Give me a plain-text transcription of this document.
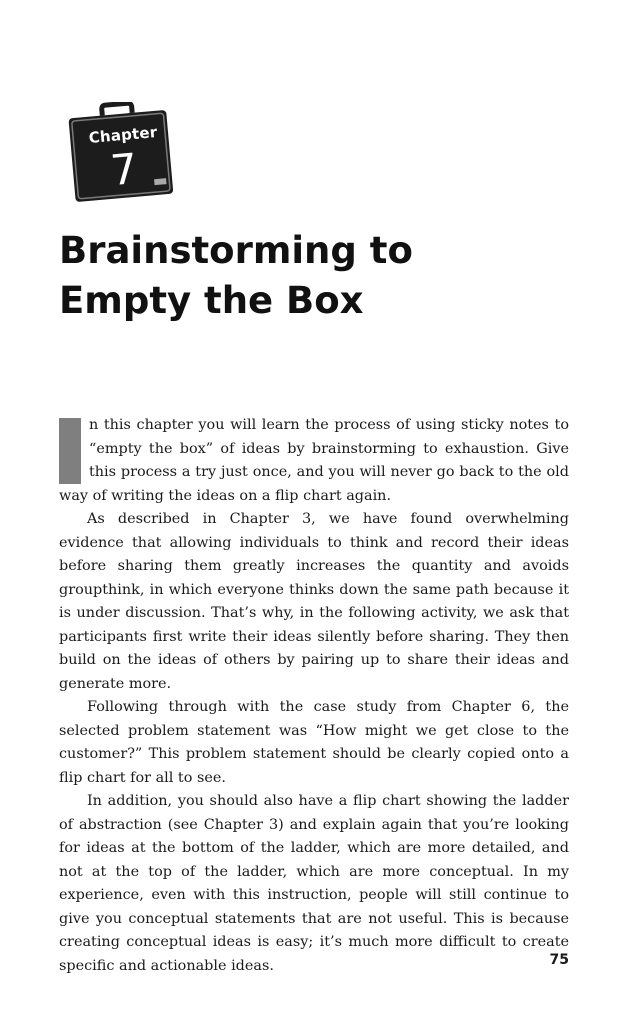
Chapter
7
Brainstorming to
Empty the Box

n this chapter you will learn the process of using sticky notes to “empty the box” of ideas by brainstorming to exhaustion. Give this process a try just once, and you will never go back to the old way of writing the ideas on a flip chart again.

As described in Chapter 3, we have found overwhelming evidence that allowing individuals to think and record their ideas before sharing them greatly increases the quantity and avoids groupthink, in which everyone thinks down the same path because it is under discussion. That’s why, in the following activity, we ask that participants first write their ideas silently before sharing. They then build on the ideas of others by pairing up to share their ideas and generate more.

Following through with the case study from Chapter 6, the selected problem statement was “How might we get close to the customer?” This problem statement should be clearly copied onto a flip chart for all to see.

In addition, you should also have a flip chart showing the ladder of abstraction (see Chapter 3) and explain again that you’re looking for ideas at the bottom of the ladder, which are more detailed, and not at the top of the ladder, which are more conceptual. In my experience, even with this instruction, people will still continue to give you conceptual statements that are not useful. This is because creating conceptual ideas is easy; it’s much more difficult to create specific and actionable ideas.	75
